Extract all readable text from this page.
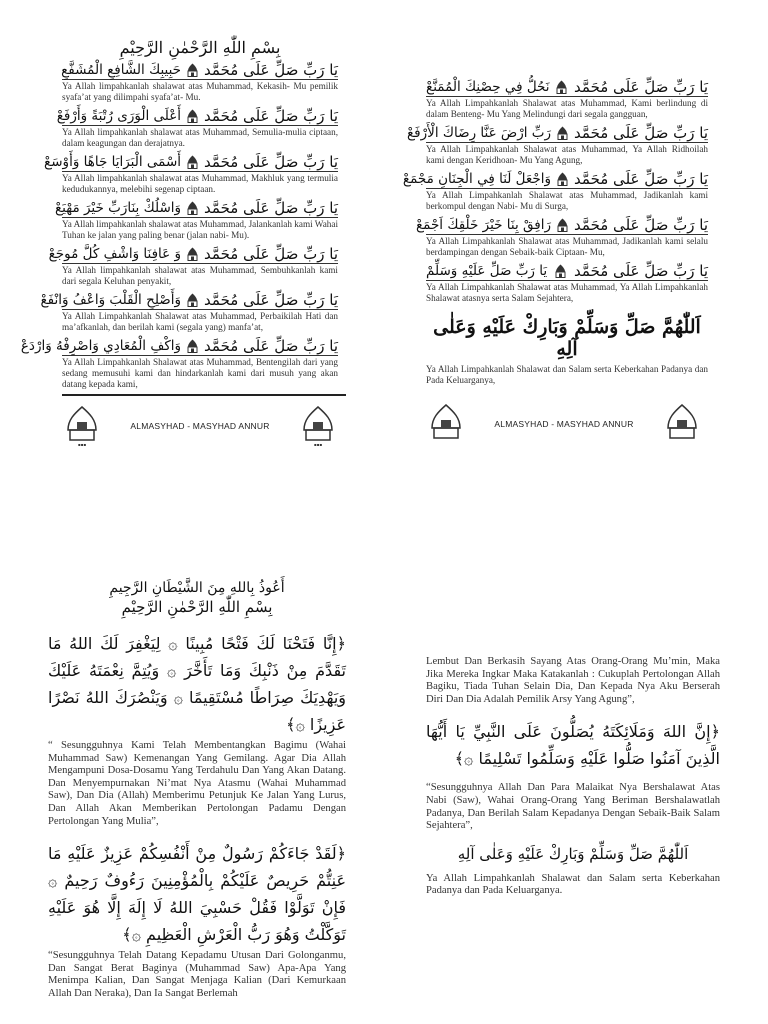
بِسْمِ اللّٰهِ الرَّحْمٰنِ الرَّحِيْمِ
يَا رَبِّ صَلِّ عَلَى مُحَمَّد
حَبِيبِكَ الشَّافِعِ الْمُشَفَّعِ
Ya Allah limpahkanlah shalawat atas Muhammad, Kekasih- Mu pemilik syafa’at yang dilimpahi syafa’at- Mu.
يَا رَبِّ صَلِّ عَلَى مُحَمَّد
أَعْلَى الْوَرَى رُتْبَةً وَأَرْفَعْ
Ya Allah limpahkanlah shalawat atas Muhammad, Semulia-mulia ciptaan, dalam keagungan dan derajatnya.
يَا رَبِّ صَلِّ عَلَى مُحَمَّد
أَسْمَى الْبَرَايَا جَاهًا وَأَوْسَعْ
Ya Allah limpahkanlah shalawat atas Muhammad, Makhluk yang termulia kedudukannya, melebihi segenap ciptaan.
يَا رَبِّ صَلِّ عَلَى مُحَمَّد
وَاسْلُكْ بِنَارَبِّ خَيْرَ مَهْيَعْ
Ya Allah limpahkanlah shalawat atas Muhammad, Jalankanlah kami Wahai Tuhan ke jalan yang paling benar (jalan nabi- Mu).
يَا رَبِّ صَلِّ عَلَى مُحَمَّد
وَ عَافِنَا وَاشْفِ كُلَّ مُوجَعْ
Ya Allah limpahkanlah shalawat atas Muhammad, Sembuhkanlah kami dari segala Keluhan penyakit,
يَا رَبِّ صَلِّ عَلَى مُحَمَّد
وَأَصْلِحِ الْقَلْبَ وَاعْفُ وَانْفَعْ
Ya Allah Limpahkanlah Shalawat atas Muhammad, Perbaikilah Hati dan ma’afkanlah, dan berilah kami (segala yang) manfa’at,
يَا رَبِّ صَلِّ عَلَى مُحَمَّد
وَاكْفِ الْمُعَادِي وَاصْرِفْهُ وَارْدَعْ
Ya Allah Limpahkanlah Shalawat atas Muhammad, Bentengilah dari yang sedang memusuhi kami dan hindarkanlah kami dari musuh yang akan datang kepada kami,
▪▪▪
ALMASYHAD - MASYHAD ANNUR
▪▪▪
يَا رَبِّ صَلِّ عَلَى مُحَمَّد
نَحُلُّ فِي حِصْنِكَ الْمُمَنَّعْ
Ya Allah Limpahkanlah Shalawat atas Muhammad, Kami berlindung di dalam Benteng- Mu Yang Melindungi dari segala gangguan,
يَا رَبِّ صَلِّ عَلَى مُحَمَّد
رَبِّ ارْضَ عَنَّا رِضَاكَ الْأَرْفَعْ
Ya Allah Limpahkanlah Shalawat atas Muhammad, Ya Allah Ridhoilah kami dengan Keridhoan- Mu Yang Agung,
يَا رَبِّ صَلِّ عَلَى مُحَمَّد
وَاجْعَلْ لَنَا فِي الْجِنَانِ مَجْمَعْ
Ya Allah Limpahkanlah Shalawat atas Muhammad, Jadikanlah kami berkompul dengan Nabi- Mu di Surga,
يَا رَبِّ صَلِّ عَلَى مُحَمَّد
رَافِقْ بِنَا خَيْرَ خَلْقِكَ اَجْمَعْ
Ya Allah Limpahkanlah Shalawat atas Muhammad, Jadikanlah kami selalu berdampingan dengan Sebaik-baik Ciptaan- Mu,
يَا رَبِّ صَلِّ عَلَى مُحَمَّد
يَا رَبِّ صَلِّ عَلَيْهِ وَسَلِّمْ
Ya Allah Limpahkanlah Shalawat atas Muhammad, Ya Allah Limpahkanlah Shalawat atasnya serta Salam Sejahtera,
اَللّٰهُمَّ صَلِّ وَسَلِّمْ وَبَارِكْ عَلَيْهِ وَعَلٰى آلِهِ

Ya Allah Limpahkanlah Shalawat dan Salam serta Keberkahan Padanya dan Pada Keluarganya,

ALMASYHAD - MASYHAD ANNUR
أَعُوذُ بِاللهِ مِنَ الشَّيْطَانِ الرَّجِيمِ
بِسْمِ اللّٰهِ الرَّحْمٰنِ الرَّحِيْمِ
﴿إِنَّا فَتَحْنَا لَكَ فَتْحًا مُبِينًا ۞ لِيَغْفِرَ لَكَ اللهُ مَا تَقَدَّمَ مِنْ ذَنْبِكَ وَمَا تَأَخَّرَ ۞ وَيُتِمَّ نِعْمَتَهُ عَلَيْكَ وَيَهْدِيَكَ صِرَاطًا مُسْتَقِيمًا ۞ وَيَنْصُرَكَ اللهُ نَصْرًا عَزِيزًا ۞﴾

“ Sesungguhnya Kami Telah Membentangkan Bagimu (Wahai Muhammad Saw) Kemenangan Yang Gemilang. Agar Dia Allah Mengampuni Dosa-Dosamu Yang Terdahulu Dan Yang Akan Datang. Dan Menyempurnakan Ni’mat Nya Atasmu (Wahai Muhammad Saw), Dan Dia (Allah) Memberimu Petunjuk Ke Jalan Yang Lurus, Dan Allah Akan Memberikan Pertolongan Padamu Dengan Pertolongan Yang Mulia”,

﴿لَقَدْ جَاءَكُمْ رَسُولٌ مِنْ أَنْفُسِكُمْ عَزِيزٌ عَلَيْهِ مَا عَنِتُّمْ حَرِيصٌ عَلَيْكُمْ بِالْمُؤْمِنِينَ رَءُوفٌ رَحِيمٌ ۞ فَإِنْ تَوَلَّوْا فَقُلْ حَسْبِيَ اللهُ لَا إِلَهَ إِلَّا هُوَ عَلَيْهِ تَوَكَّلْتُ وَهُوَ رَبُّ الْعَرْشِ الْعَظِيمِ ۞﴾

“Sesungguhnya Telah Datang Kepadamu Utusan Dari Golonganmu, Dan Sangat Berat Baginya (Muhammad Saw) Apa-Apa Yang Menimpa Kalian, Dan Sangat Menjaga Kalian (Dari Kemurkaan Allah Dan Neraka), Dan Ia Sangat Berlemah

Lembut Dan Berkasih Sayang Atas Orang-Orang Mu’min, Maka Jika Mereka Ingkar Maka Katakanlah : Cukuplah Pertolongan Allah Bagiku, Tiada Tuhan Selain Dia, Dan Kepada Nya Aku Berserah Diri Dan Dia Adalah Pemilik Arsy Yang Agung”,

﴿إِنَّ اللهَ وَمَلَائِكَتَهُ يُصَلُّونَ عَلَى النَّبِيِّ يَا أَيُّهَا الَّذِينَ آمَنُوا صَلُّوا عَلَيْهِ وَسَلِّمُوا تَسْلِيمًا ۞﴾

“Sesungguhnya Allah Dan Para Malaikat Nya Bershalawat Atas Nabi (Saw), Wahai Orang-Orang Yang Beriman Bershalawatlah Padanya, Dan Berilah Salam Kepadanya Dengan Sebaik-Baik Salam Sejahtera”,

اَللّٰهُمَّ صَلِّ وَسَلِّمْ وَبَارِكْ عَلَيْهِ وَعَلٰى آلِهِ

Ya Allah Limpahkanlah Shalawat dan Salam serta Keberkahan Padanya dan Pada Keluarganya.
